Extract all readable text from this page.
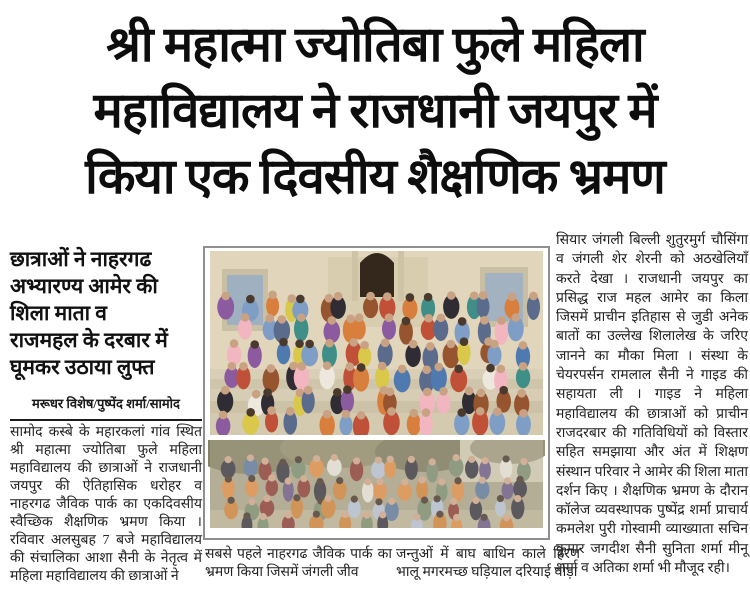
श्री महात्मा ज्योतिबा फुले महिला
महाविद्यालय ने राजधानी जयपुर में
किया एक दिवसीय शैक्षणिक भ्रमण
छात्राओं ने नाहरगढ
अभ्यारण्य आमेर की
शिला माता व
राजमहल के दरबार में
घूमकर उठाया लुफ्त
मरूधर विशेष/पुष्पेंद शर्मा/सामोद
सामोद कस्बे के महारकलां गांव स्थित श्री महात्मा ज्योतिबा फुले महिला महाविद्यालय की छात्राओं ने राजधानी जयपुर की ऐतिहासिक धरोहर व नाहरगढ जैविक पार्क का एकदिवसीय स्वैच्छिक शैक्षणिक भ्रमण किया । रविवार अलसुबह 7 बजे महाविद्यालय की संचालिका आशा सैनी के नेतृत्व में महिला महाविद्यालय की छात्राओं ने
सबसे पहले नाहरगढ जैविक पार्क का भ्रमण किया जिसमें जंगली जीव
जन्तुओं में बाघ बाधिन काले हिरण भालू मगरमच्छ घड़ियाल दरियाई घोड़ा
सियार जंगली बिल्ली शुतुरमुर्ग चौसिंगा व जंगली शेर शेरनी को अठखेलियाँ करते देखा । राजधानी जयपुर का प्रसिद्ध राज महल आमेर का किला जिसमें प्राचीन इतिहास से जुडी अनेक बातों का उल्लेख शिलालेख के जरिए जानने का मौका मिला । संस्था के चेयरपर्सन रामलाल सैनी ने गाइड की सहायता ली । गाइड ने महिला महाविद्यालय की छात्राओं को प्राचीन राजदरबार की गतिविधियों को विस्तार सहित समझाया और अंत में शिक्षण संस्थान परिवार ने आमेर की शिला माता दर्शन किए । शैक्षणिक भ्रमण के दौरान कॉलेज व्यवस्थापक पुष्पेंद्र शर्मा प्राचार्य कमलेश पुरी गोस्वामी व्याख्याता सचिन कुमार जगदीश सैनी सुनिता शर्मा मीनू शर्मा व अतिका शर्मा भी मौजूद रही।
